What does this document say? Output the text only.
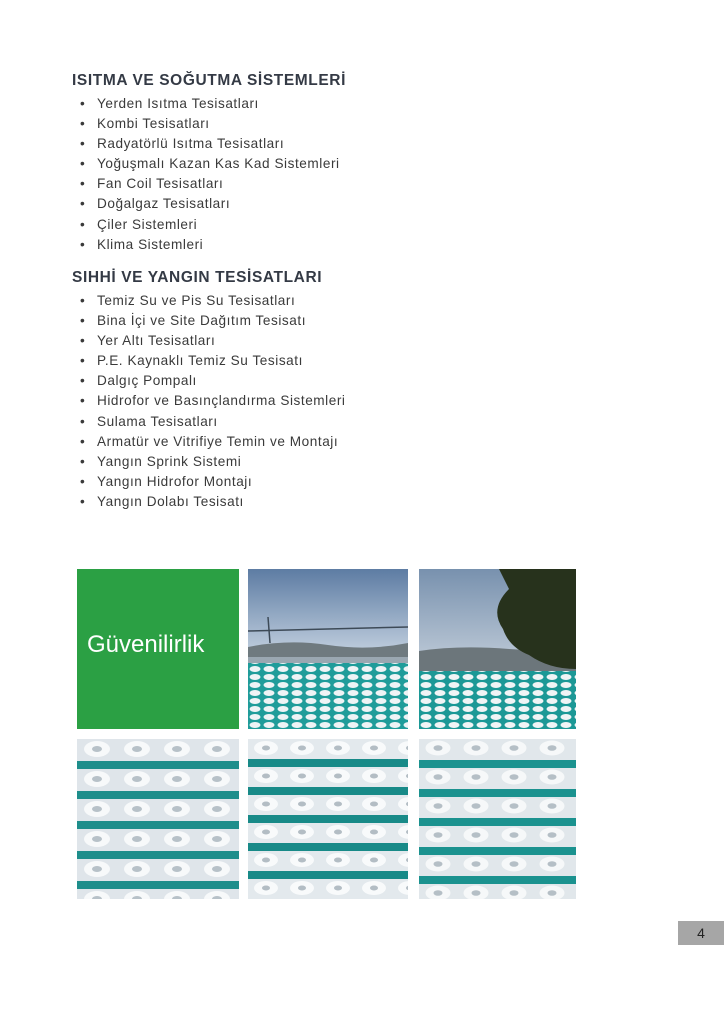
ISITMA VE SOĞUTMA SİSTEMLERİ
• Yerden Isıtma Tesisatları
• Kombi Tesisatları
• Radyatörlü Isıtma Tesisatları
• Yoğuşmalı Kazan Kas Kad Sistemleri
• Fan Coil Tesisatları
• Doğalgaz Tesisatları
• Çiler Sistemleri
• Klima Sistemleri
SIHHİ VE YANGIN TESİSATLARI
• Temiz Su ve Pis Su Tesisatları
• Bina İçi ve Site Dağıtım Tesisatı
• Yer Altı Tesisatları
• P.E. Kaynaklı Temiz Su Tesisatı
• Dalgıç Pompalı
• Hidrofor ve Basınçlandırma Sistemleri
• Sulama Tesisatları
• Armatür ve Vitrifiye Temin ve Montajı
• Yangın Sprink Sistemi
• Yangın Hidrofor Montajı
• Yangın Dolabı Tesisatı
Güvenilirlik
4
